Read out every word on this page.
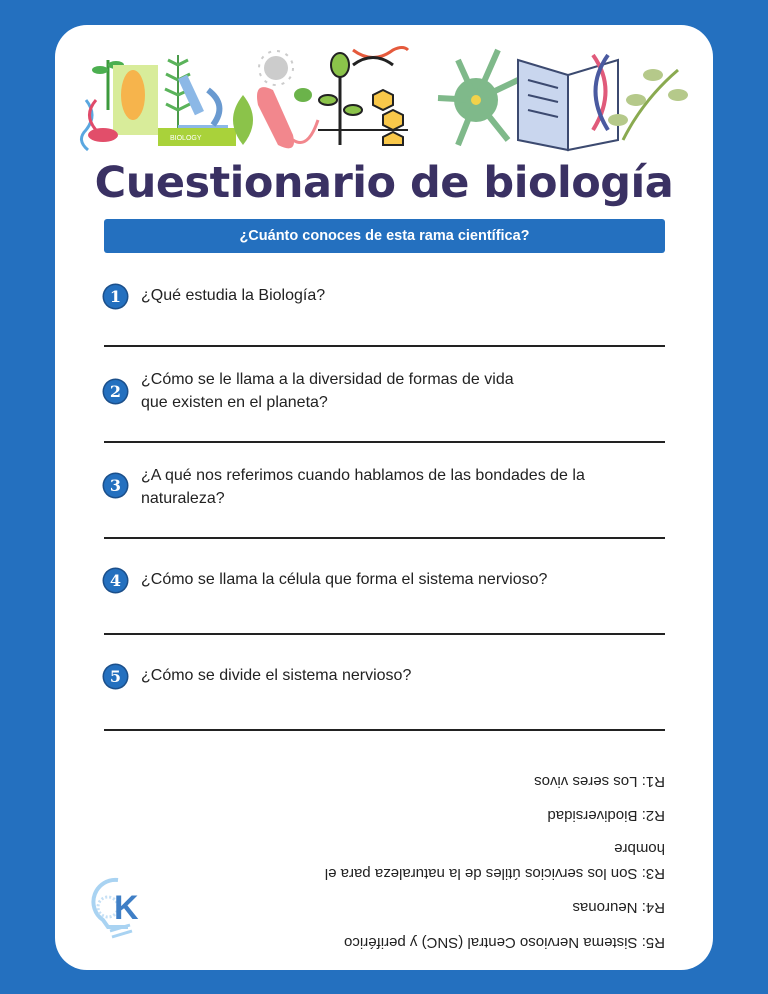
BIOLOGY
Cuestionario de biología
¿Cuánto conoces de esta rama científica?
1	¿Qué estudia la Biología?
2
¿Cómo se le llama a la diversidad de formas de vida
que existen en el planeta?
3
¿A qué nos referimos cuando hablamos de las bondades de la
naturaleza?
4	¿Cómo se llama la célula que forma el sistema nervioso?
5	¿Cómo se divide el sistema nervioso?
R5: Sistema Nervioso Central (SNC) y periférico
R4: Neuronas
R3: Son los servicios útiles de la naturaleza para el
hombre
R2: Biodiversidad
R1: Los seres vivos
K
